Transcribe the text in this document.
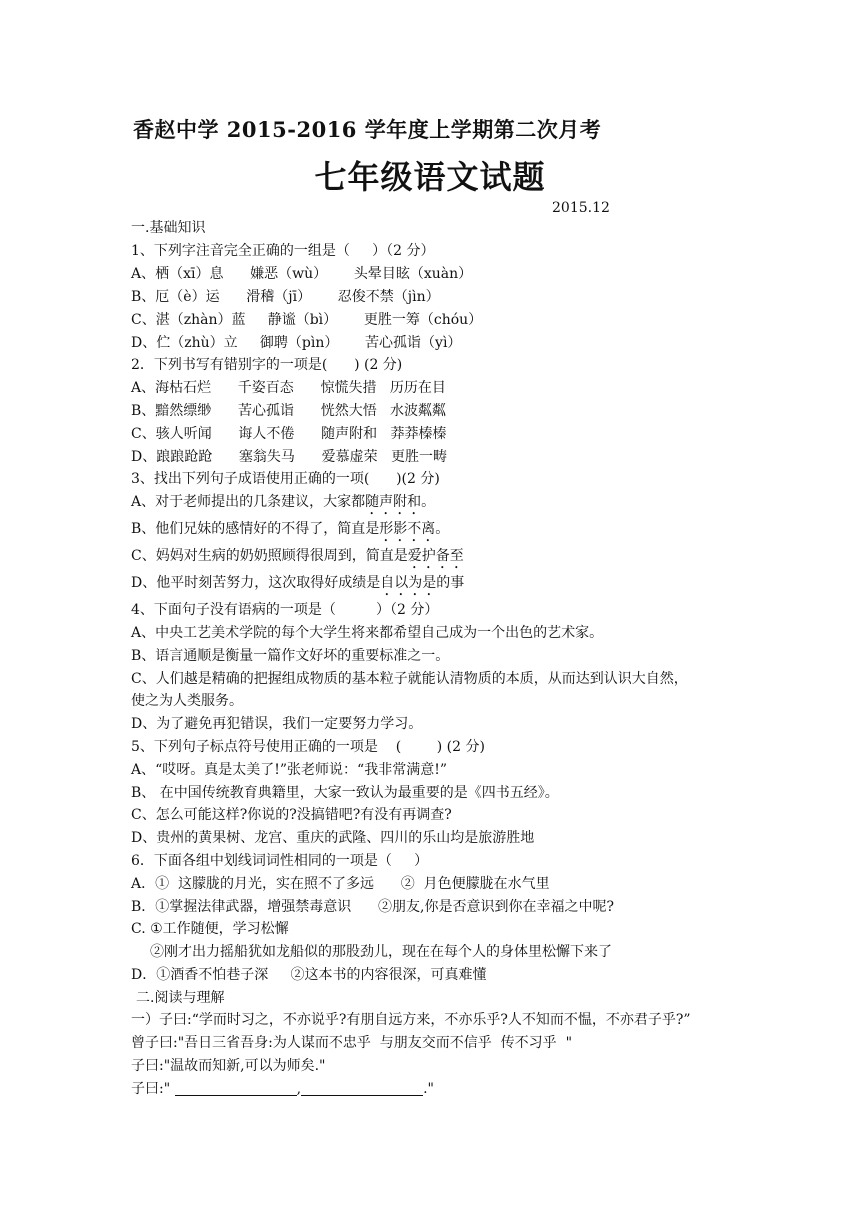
香赵中学 2015-2016 学年度上学期第二次月考
七年级语文试题
2015.12
一.基础知识
1、下列字注音完全正确的一组是（     ）（2 分）
A、栖（xī）息      嫌恶（wù）      头晕目眩（xuàn）
B、厄（è）运      滑稽（jī）      忍俊不禁（jìn）
C、湛（zhàn）蓝     静谧（bì）      更胜一筹（chóu）
D、伫（zhù）立     御聘（pìn）      苦心孤诣（yì）
2．下列书写有错别字的一项是(      ) (2 分)
A、海枯石烂      千姿百态      惊慌失措   历历在目
B、黯然缥缈      苦心孤诣      恍然大悟   水波粼粼
C、骇人听闻      诲人不倦      随声附和   莽莽榛榛
D、踉踉跄跄      塞翁失马      爱慕虚荣   更胜一畴
3、找出下列句子成语使用正确的一项(      )(2 分)
A、对于老师提出的几条建议，大家都随声附和。
B、他们兄妹的感情好的不得了，简直是形影不离。
C、妈妈对生病的奶奶照顾得很周到，简直是爱护备至
D、他平时刻苦努力，这次取得好成绩是自以为是的事
4、下面句子没有语病的一项是（         ）（2 分）
A、中央工艺美术学院的每个大学生将来都希望自己成为一个出色的艺术家。
B、语言通顺是衡量一篇作文好坏的重要标准之一。
C、人们越是精确的把握组成物质的基本粒子就能认清物质的本质，从而达到认识大自然，
使之为人类服务。
D、为了避免再犯错误，我们一定要努力学习。
5、下列句子标点符号使用正确的一项是    (        ) (2 分)
A、“哎呀。真是太美了!”张老师说：“我非常满意!”
B、 在中国传统教育典籍里，大家一致认为最重要的是《四书五经》。
C、怎么可能这样?你说的?没搞错吧?有没有再调查?
D、贵州的黄果树、龙宫、重庆的武隆、四川的乐山均是旅游胜地
6．下面各组中划线词词性相同的一项是（     ）
A．①  这朦胧的月光，实在照不了多远      ②  月色便朦胧在水气里
B．①掌握法律武器，增强禁毒意识      ②朋友,你是否意识到你在幸福之中呢?
C. ①工作随便，学习松懈
②刚才出力摇船犹如龙船似的那股劲儿，现在在每个人的身体里松懈下来了
D．①酒香不怕巷子深     ②这本书的内容很深，可真难懂
二.阅读与理解
一）子曰:“学而时习之，不亦说乎?有朋自远方来，不亦乐乎?人不知而不愠，不亦君子乎?”
曾子曰:"吾日三省吾身:为人谋而不忠乎  与朋友交而不信乎  传不习乎  "
子曰:"温故而知新,可以为师矣."
子曰:"	,	."
